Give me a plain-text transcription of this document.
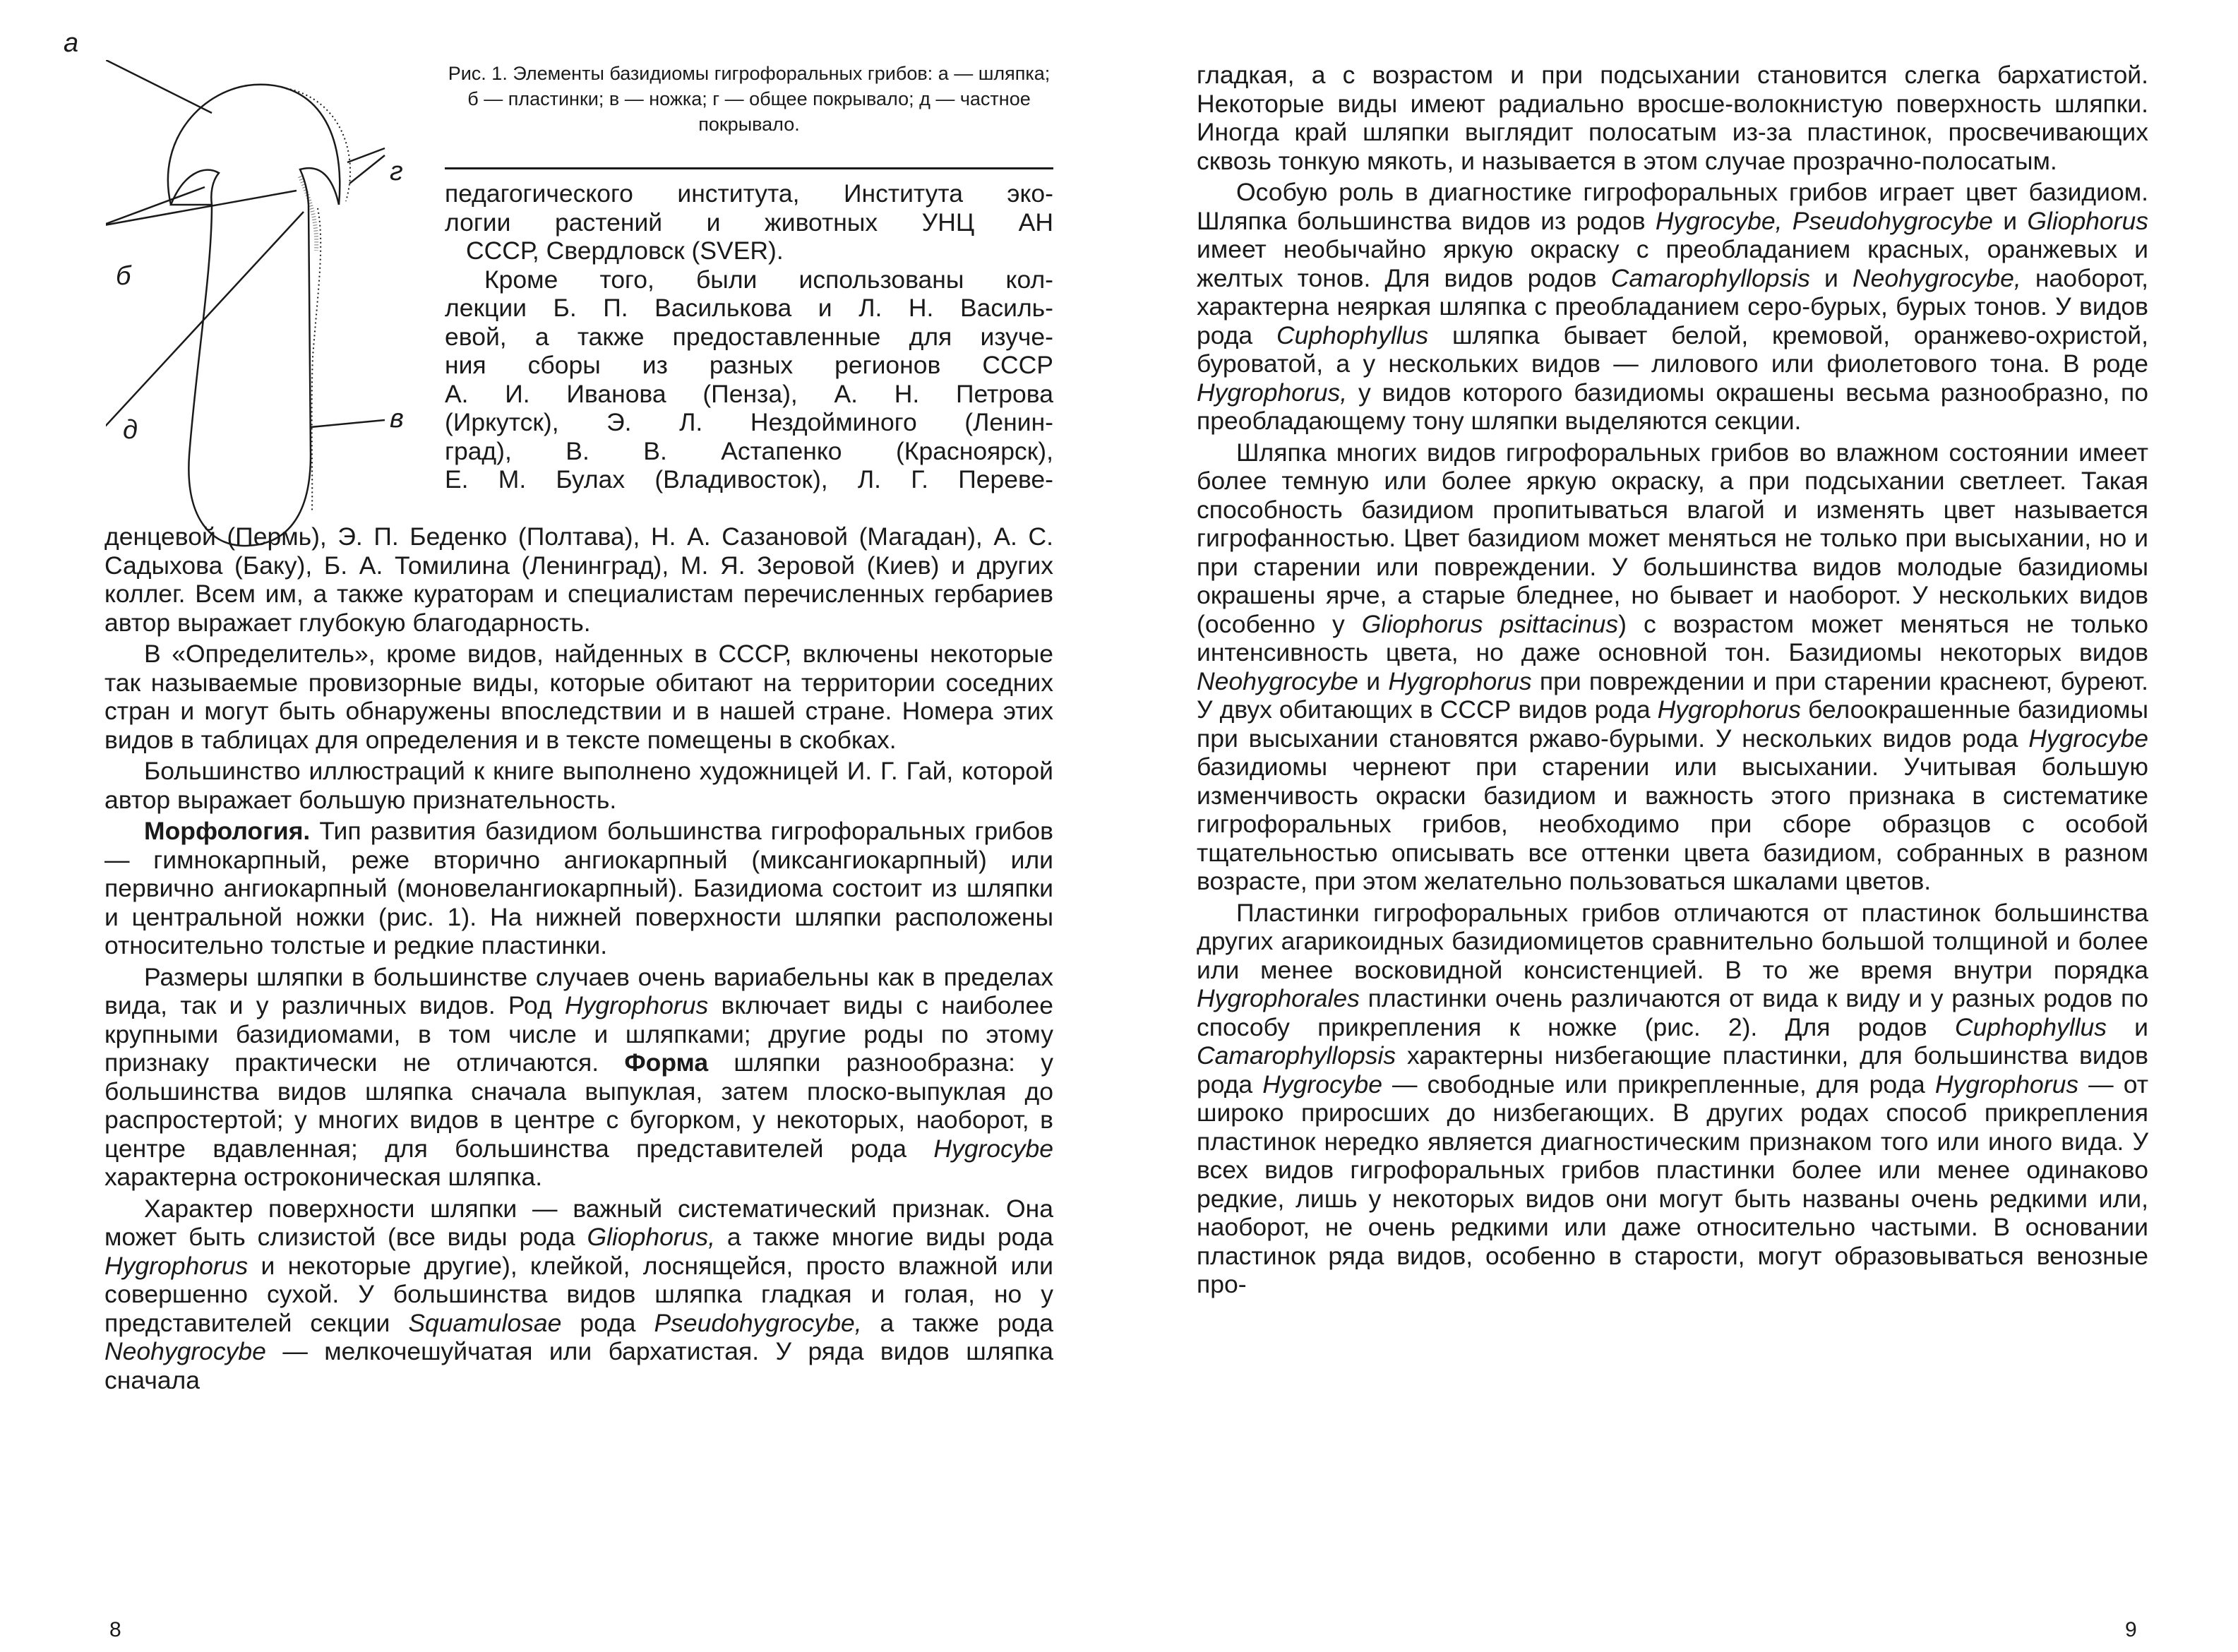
а
г
б
д	в
Рис. 1. Элементы базидиомы гигрофоральных грибов: а — шляпка; б — пластинки; в — ножка; г — общее покрывало; д — частное покрывало.
педагогического института, Института эко-
логии растений и животных УНЦ АН
СССР, Свердловск (SVER).
Кроме того, были использованы кол-
лекции Б. П. Василькова и Л. Н. Василь-
евой, а также предоставленные для изуче-
ния сборы из разных регионов СССР
А. И. Иванова (Пенза), А. Н. Петрова
(Иркутск), Э. Л. Нездойминого (Ленин-
град), В. В. Астапенко (Красноярск),
Е. М. Булах (Владивосток), Л. Г. Переве-

денцевой (Пермь), Э. П. Беденко (Полтава), Н. А. Сазановой (Магадан), А. С. Садыхова (Баку), Б. А. Томилина (Ленинград), М. Я. Зеровой (Киев) и других коллег. Всем им, а также кураторам и специалистам перечисленных гербариев автор выражает глубокую благодарность.

В «Определитель», кроме видов, найденных в СССР, включены некоторые так называемые провизорные виды, которые обитают на территории соседних стран и могут быть обнаружены впоследствии и в нашей стране. Номера этих видов в таблицах для определения и в тексте помещены в скобках.

Большинство иллюстраций к книге выполнено художницей И. Г. Гай, которой автор выражает большую признательность.

Морфология. Тип развития базидиом большинства гигрофоральных грибов — гимнокарпный, реже вторично ангиокарпный (миксангиокарпный) или первично ангиокарпный (моновелангиокарпный). Базидиома состоит из шляпки и центральной ножки (рис. 1). На нижней поверхности шляпки расположены относительно толстые и редкие пластинки.

Размеры шляпки в большинстве случаев очень вариабельны как в пределах вида, так и у различных видов. Род Hygrophorus включает виды с наиболее крупными базидиомами, в том числе и шляпками; другие роды по этому признаку практически не отличаются. Форма шляпки разнообразна: у большинства видов шляпка сначала выпуклая, затем плоско-выпуклая до распростертой; у многих видов в центре с бугорком, у некоторых, наоборот, в центре вдавленная; для большинства представителей рода Hygrocybe характерна остроконическая шляпка.

Характер поверхности шляпки — важный систематический признак. Она может быть слизистой (все виды рода Gliophorus, а также многие виды рода Hygrophorus и некоторые другие), клейкой, лоснящейся, просто влажной или совершенно сухой. У большинства видов шляпка гладкая и голая, но у представителей секции Squamulosae рода Pseudohygrocybe, а также рода Neohygrocybe — мелкочешуйчатая или бархатистая. У ряда видов шляпка сначала

8

гладкая, а с возрастом и при подсыхании становится слегка бархатистой. Некоторые виды имеют радиально вросше-волокнистую поверхность шляпки. Иногда край шляпки выглядит полосатым из-за пластинок, просвечивающих сквозь тонкую мякоть, и называется в этом случае прозрачно-полосатым.

Особую роль в диагностике гигрофоральных грибов играет цвет базидиом. Шляпка большинства видов из родов Hygrocybe, Pseudohygrocybe и Gliophorus имеет необычайно яркую окраску с преобладанием красных, оранжевых и желтых тонов. Для видов родов Camarophyllopsis и Neohygrocybe, наоборот, характерна неяркая шляпка с преобладанием серо-бурых, бурых тонов. У видов рода Cuphophyllus шляпка бывает белой, кремовой, оранжево-охристой, буроватой, а у нескольких видов — лилового или фиолетового тона. В роде Hygrophorus, у видов которого базидиомы окрашены весьма разнообразно, по преобладающему тону шляпки выделяются секции.

Шляпка многих видов гигрофоральных грибов во влажном состоянии имеет более темную или более яркую окраску, а при подсыхании светлеет. Такая способность базидиом пропитываться влагой и изменять цвет называется гигрофанностью. Цвет базидиом может меняться не только при высыхании, но и при старении или повреждении. У большинства видов молодые базидиомы окрашены ярче, а старые бледнее, но бывает и наоборот. У нескольких видов (особенно у Gliophorus psittacinus) с возрастом может меняться не только интенсивность цвета, но даже основной тон. Базидиомы некоторых видов Neohygrocybe и Hygrophorus при повреждении и при старении краснеют, буреют. У двух обитающих в СССР видов рода Hygrophorus белоокрашенные базидиомы при высыхании становятся ржаво-бурыми. У нескольких видов рода Hygrocybe базидиомы чернеют при старении или высыхании. Учитывая большую изменчивость окраски базидиом и важность этого признака в систематике гигрофоральных грибов, необходимо при сборе образцов с особой тщательностью описывать все оттенки цвета базидиом, собранных в разном возрасте, при этом желательно пользоваться шкалами цветов.

Пластинки гигрофоральных грибов отличаются от пластинок большинства других агарикоидных базидиомицетов сравнительно большой толщиной и более или менее восковидной консистенцией. В то же время внутри порядка Hygrophorales пластинки очень различаются от вида к виду и у разных родов по способу прикрепления к ножке (рис. 2). Для родов Cuphophyllus и Camarophyllopsis характерны низбегающие пластинки, для большинства видов рода Hygrocybe — свободные или прикрепленные, для рода Hygrophorus — от широко приросших до низбегающих. В других родах способ прикрепления пластинок нередко является диагностическим признаком того или иного вида. У всех видов гигрофоральных грибов пластинки более или менее одинаково редкие, лишь у некоторых видов они могут быть названы очень редкими или, наоборот, не очень редкими или даже относительно частыми. В основании пластинок ряда видов, особенно в старости, могут образовываться венозные про-

9
